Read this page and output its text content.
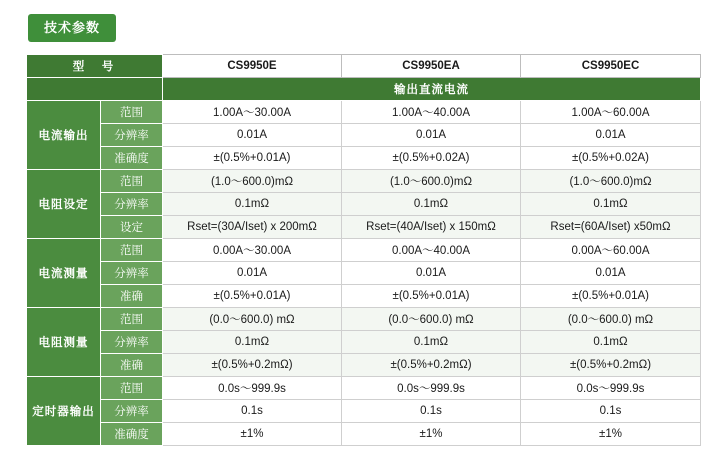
技术参数
型　号		CS9950E	CS9950EA	CS9950EC
		输出直流电流		
电流输出	范围	1.00A～30.00A	1.00A～40.00A	1.00A～60.00A
	分辨率	0.01A	0.01A	0.01A
	准确度	±(0.5%+0.01A)	±(0.5%+0.02A)	±(0.5%+0.02A)
电阻设定	范围	(1.0～600.0)mΩ	(1.0～600.0)mΩ	(1.0～600.0)mΩ
	分辨率	0.1mΩ	0.1mΩ	0.1mΩ
	设定	Rset=(30A/Iset) x 200mΩ	Rset=(40A/Iset) x 150mΩ	Rset=(60A/Iset) x50mΩ
电流测量	范围	0.00A～30.00A	0.00A～40.00A	0.00A～60.00A
	分辨率	0.01A	0.01A	0.01A
	准确	±(0.5%+0.01A)	±(0.5%+0.01A)	±(0.5%+0.01A)
电阻测量	范围	(0.0～600.0) mΩ	(0.0～600.0) mΩ	(0.0～600.0) mΩ
	分辨率	0.1mΩ	0.1mΩ	0.1mΩ
	准确	±(0.5%+0.2mΩ)	±(0.5%+0.2mΩ)	±(0.5%+0.2mΩ)
定时器输出	范围	0.0s～999.9s	0.0s～999.9s	0.0s～999.9s
	分辨率	0.1s	0.1s	0.1s
	准确度	±1%	±1%	±1%
